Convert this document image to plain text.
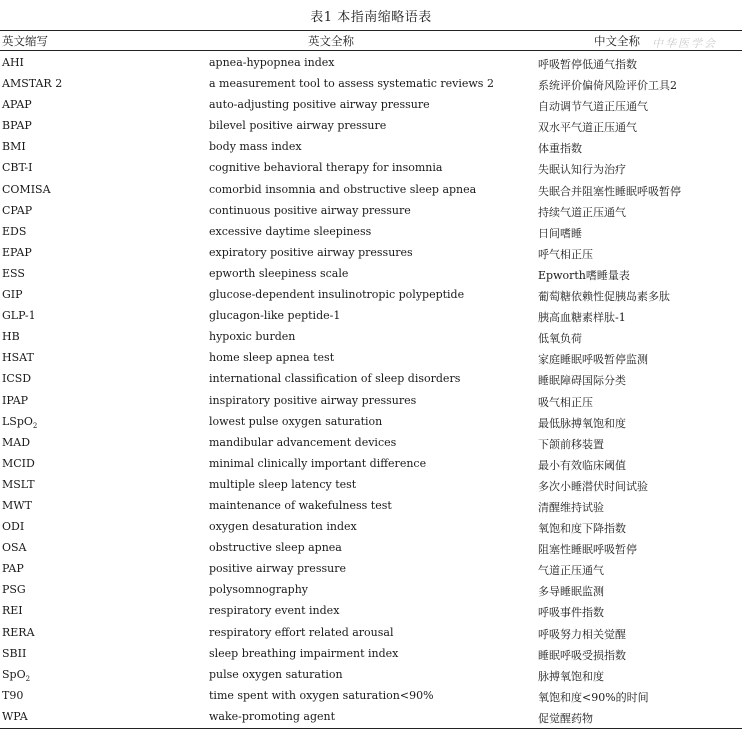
表1 本指南缩略语表
英文缩写	英文全称	中文全称 中华医学会
AHI	apnea-hypopnea index	呼吸暂停低通气指数
AMSTAR 2	a measurement tool to assess systematic reviews 2	系统评价偏倚风险评价工具2
APAP	auto-adjusting positive airway pressure	自动调节气道正压通气
BPAP	bilevel positive airway pressure	双水平气道正压通气
BMI	body mass index	体重指数
CBT-I	cognitive behavioral therapy for insomnia	失眠认知行为治疗
COMISA	comorbid insomnia and obstructive sleep apnea	失眠合并阻塞性睡眠呼吸暂停
CPAP	continuous positive airway pressure	持续气道正压通气
EDS	excessive daytime sleepiness	日间嗜睡
EPAP	expiratory positive airway pressures	呼气相正压
ESS	epworth sleepiness scale	Epworth嗜睡量表
GIP	glucose-dependent insulinotropic polypeptide	葡萄糖依赖性促胰岛素多肽
GLP-1	glucagon-like peptide-1	胰高血糖素样肽-1
HB	hypoxic burden	低氧负荷
HSAT	home sleep apnea test	家庭睡眠呼吸暂停监测
ICSD	international classification of sleep disorders	睡眠障碍国际分类
IPAP	inspiratory positive airway pressures	吸气相正压
LSpO$_2$	lowest pulse oxygen saturation	最低脉搏氧饱和度
MAD	mandibular advancement devices	下颌前移装置
MCID	minimal clinically important difference	最小有效临床阈值
MSLT	multiple sleep latency test	多次小睡潜伏时间试验
MWT	maintenance of wakefulness test	清醒维持试验
ODI	oxygen desaturation index	氧饱和度下降指数
OSA	obstructive sleep apnea	阻塞性睡眠呼吸暂停
PAP	positive airway pressure	气道正压通气
PSG	polysomnography	多导睡眠监测
REI	respiratory event index	呼吸事件指数
RERA	respiratory effort related arousal	呼吸努力相关觉醒
SBII	sleep breathing impairment index	睡眠呼吸受损指数
SpO$_2$	pulse oxygen saturation	脉搏氧饱和度
T90	time spent with oxygen saturation<90%	氧饱和度<90%的时间
WPA	wake-promoting agent	促觉醒药物
